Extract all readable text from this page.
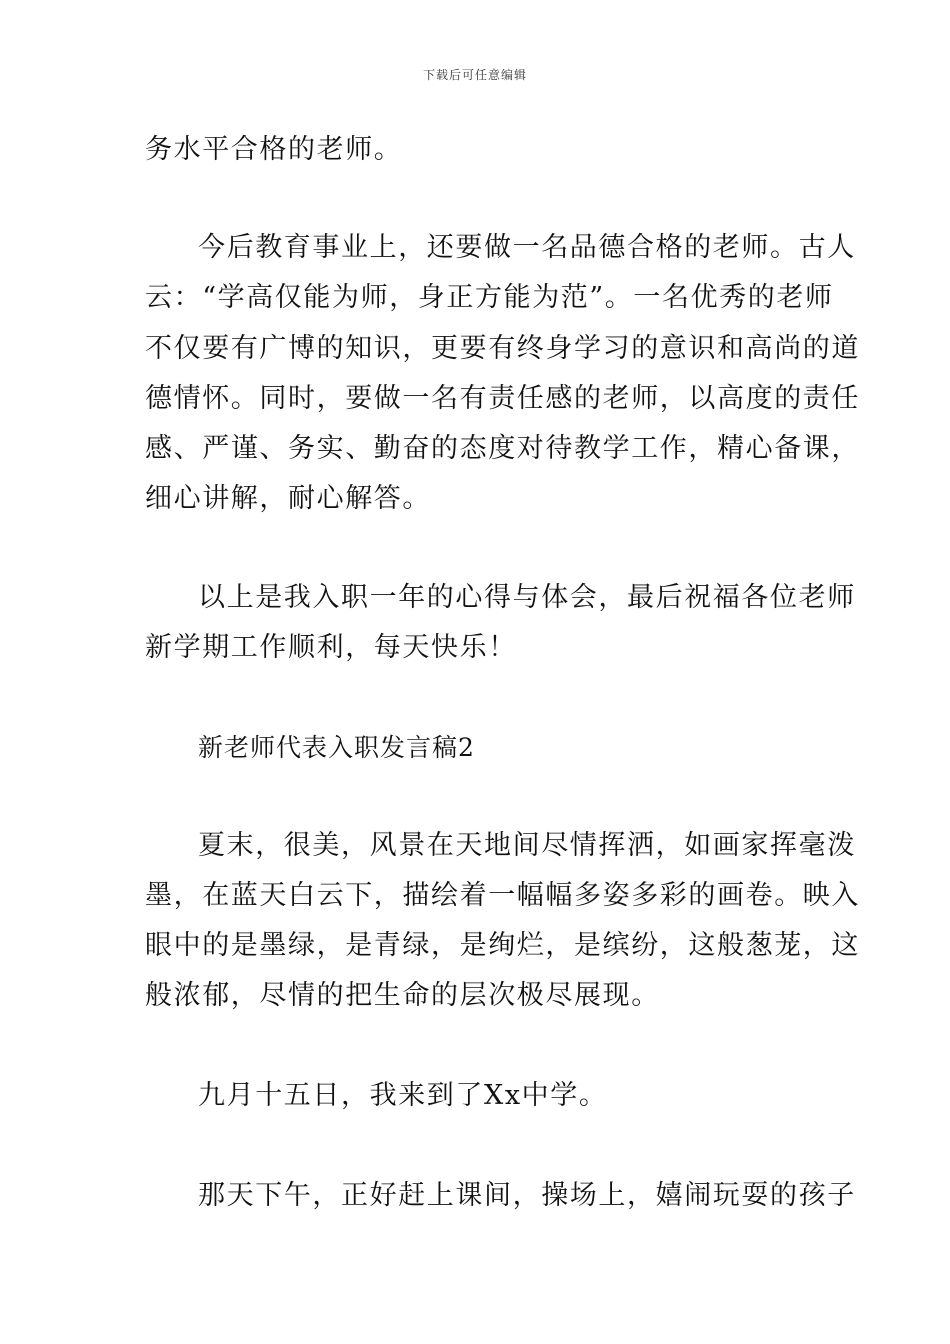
下载后可任意编辑
务水平合格的老师。
今后教育事业上，还要做一名品德合格的老师。古人
云：“学高仅能为师，身正方能为范”。一名优秀的老师
不仅要有广博的知识，更要有终身学习的意识和高尚的道
德情怀。同时，要做一名有责任感的老师，以高度的责任
感、严谨、务实、勤奋的态度对待教学工作，精心备课，
细心讲解，耐心解答。
以上是我入职一年的心得与体会，最后祝福各位老师
新学期工作顺利，每天快乐！
新老师代表入职发言稿2
夏末，很美，风景在天地间尽情挥洒，如画家挥毫泼
墨，在蓝天白云下，描绘着一幅幅多姿多彩的画卷。映入
眼中的是墨绿，是青绿，是绚烂，是缤纷，这般葱茏，这
般浓郁，尽情的把生命的层次极尽展现。
九月十五日，我来到了Xx中学。
那天下午，正好赶上课间，操场上，嬉闹玩耍的孩子
